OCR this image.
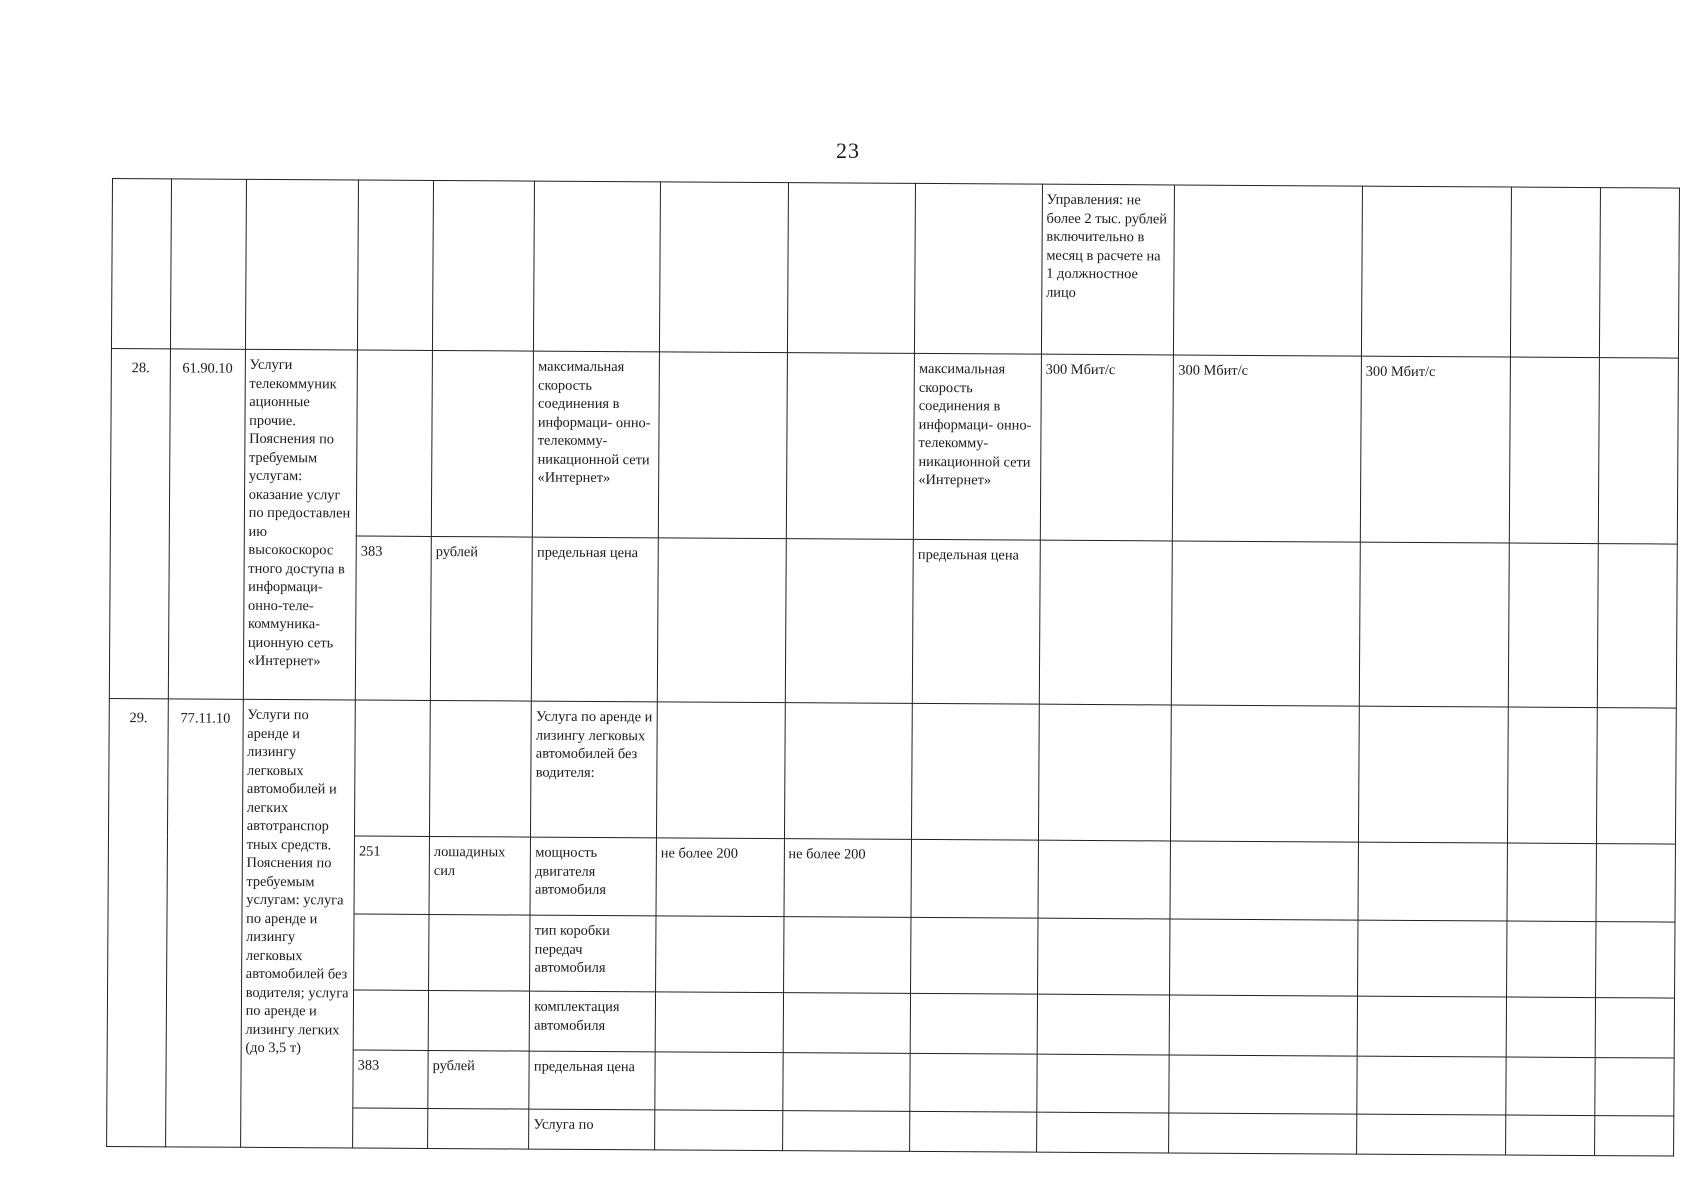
23

									Управления: не более 2 тыс. рублей включительно в месяц в расчете на 1 должностное лицо				

28.	61.90.10	Услуги телекоммуник ационные прочие. Пояснения по требуемым услугам: оказание услуг по предоставлен ию высокоскорос тного доступа в информаци- онно-теле- коммуника- ционную сеть «Интернет»			максимальная скорость соединения в информаци- онно- телекомму- никационной сети «Интернет»			максимальная скорость соединения в информаци- онно- телекомму- никационной сети «Интернет»	300 Мбит/с	300 Мбит/с	300 Мбит/с		
			383	рублей	предельная цена			предельная цена					
29.	77.11.10	Услуги по аренде и лизингу легковых автомобилей и легких автотранспор тных средств. Пояснения по требуемым услугам: услуга по аренде и лизингу легковых автомобилей без водителя; услуга по аренде и лизингу легких (до 3,5 т)			Услуга по аренде и лизингу легковых автомобилей без водителя:								
			251	лошадиных сил	мощность двигателя автомобиля	не более 200	не более 200						
					тип коробки передач автомобиля								
					комплектация автомобиля								
			383	рублей	предельная цена								
					Услуга по								
